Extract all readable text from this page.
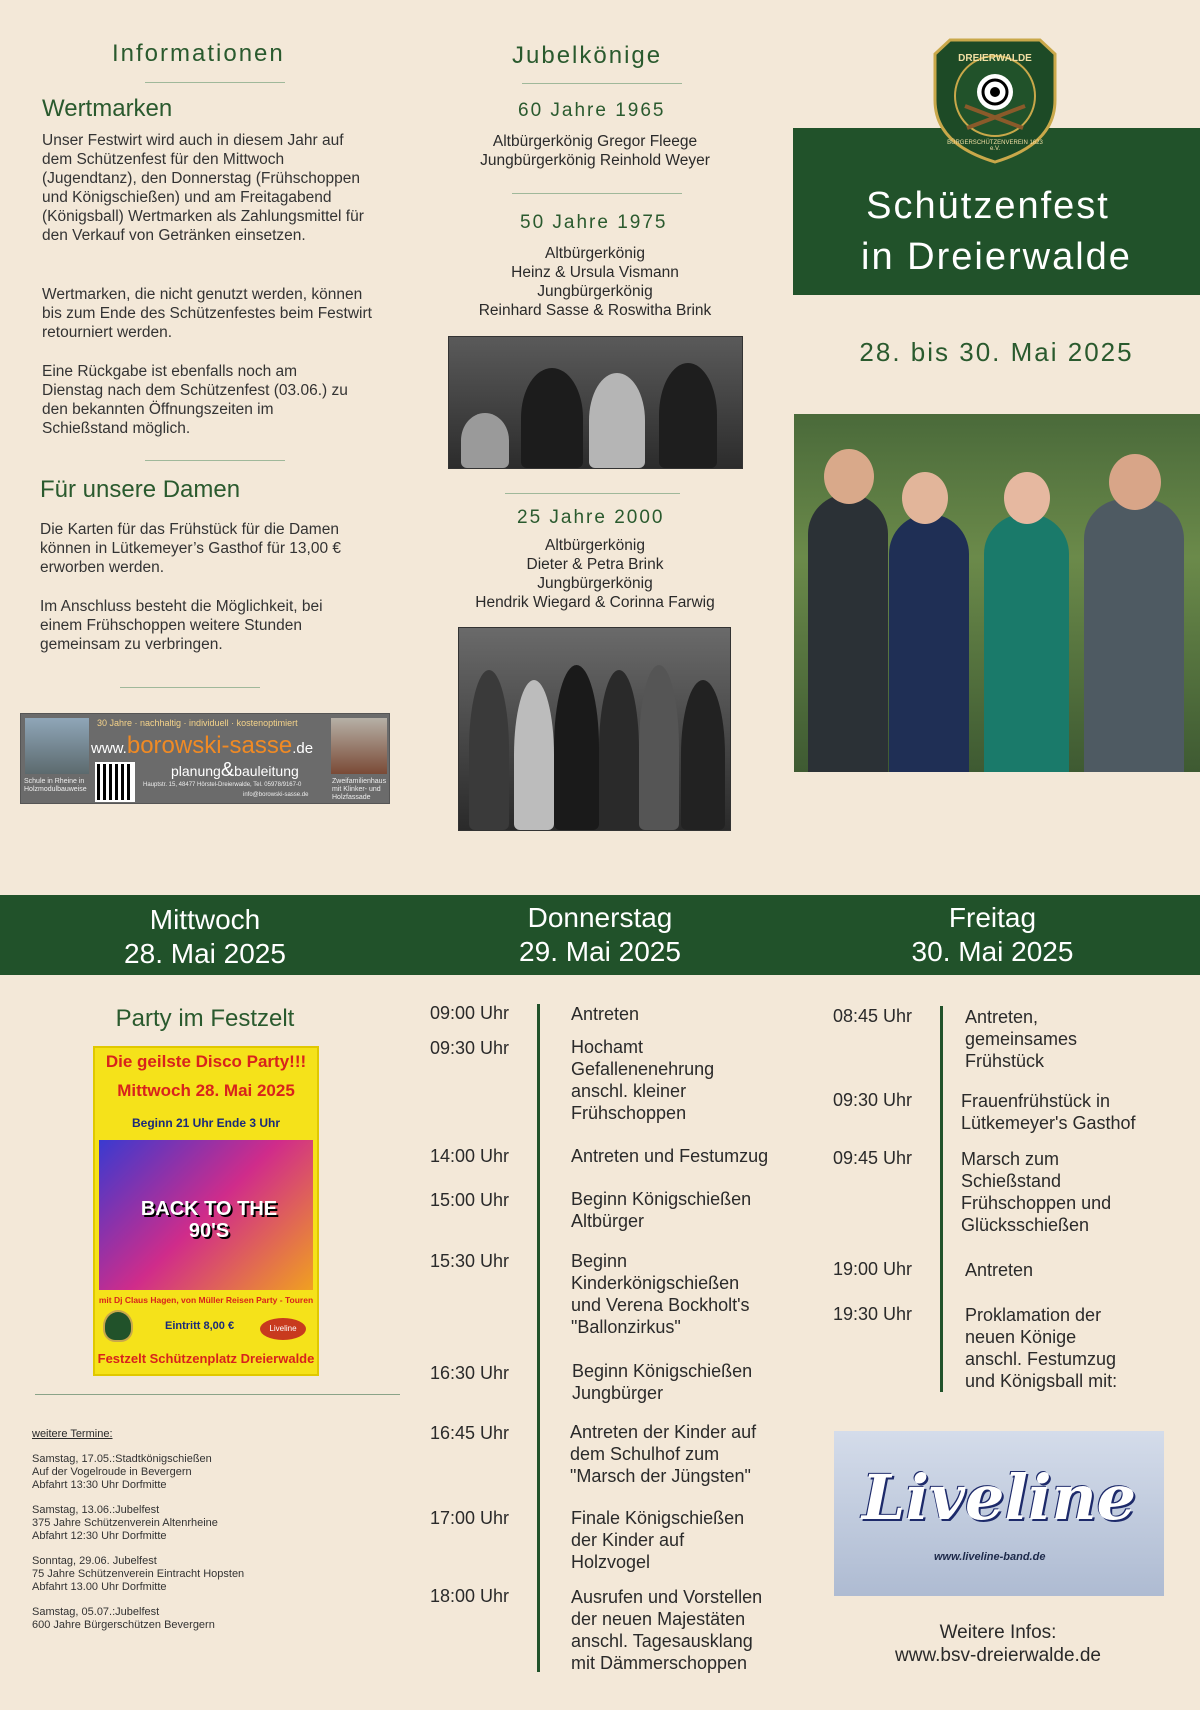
Informationen
Wertmarken
Unser Festwirt wird auch in diesem Jahr auf dem Schützenfest für den Mittwoch (Jugendtanz), den Donnerstag (Frühschoppen und Königschießen) und am Freitagabend (Königsball) Wertmarken als Zahlungsmittel für den Verkauf von Getränken einsetzen.
Wertmarken, die nicht genutzt werden, können bis zum Ende des Schützenfestes beim Festwirt retourniert werden.
Eine Rückgabe ist ebenfalls noch am Dienstag nach dem Schützenfest (03.06.) zu den bekannten Öffnungszeiten im Schießstand möglich.
Für unsere Damen
Die Karten für das Frühstück für die Damen können in Lütkemeyer’s Gasthof für 13,00 € erworben werden.
Im Anschluss besteht die Möglichkeit, bei einem Frühschoppen weitere Stunden gemeinsam zu verbringen.
Schule in Rheine in Holzmodulbauweise
30 Jahre · nachhaltig · individuell · kostenoptimiert
www.borowski-sasse.de
planung&bauleitung
Hauptstr. 15, 48477 Hörstel-Dreierwalde, Tel. 05978/9167-0
info@borowski-sasse.de
Zweifamilienhaus mit Klinker- und Holzfassade
Jubelkönige
60 Jahre 1965
Altbürgerkönig Gregor Fleege
Jungbürgerkönig Reinhold Weyer
50 Jahre 1975
Altbürgerkönig
Heinz & Ursula Vismann
Jungbürgerkönig
Reinhard Sasse & Roswitha Brink
25 Jahre 2000
Altbürgerkönig
Dieter & Petra Brink
Jungbürgerkönig
Hendrik Wiegard & Corinna Farwig
DREIERWALDE
BÜRGERSCHÜTZENVEREIN 1623 e.V.
Schützenfest
in Dreierwalde
28. bis 30. Mai 2025
Mittwoch
28. Mai 2025
Donnerstag
29. Mai 2025
Freitag
30. Mai 2025
Party im Festzelt
Die geilste Disco Party!!!
Mittwoch 28. Mai 2025
Beginn 21 Uhr Ende 3 Uhr
BACK TO THE 90'S
mit Dj Claus Hagen, von Müller Reisen Party - Touren
Eintritt 8,00 €	Liveline
Festzelt Schützenplatz Dreierwalde
weitere Termine:
Samstag, 17.05.:Stadtkönigschießen
Auf der Vogelroude in Bevergern
Abfahrt 13:30 Uhr Dorfmitte
Samstag, 13.06.:Jubelfest
375 Jahre Schützenverein Altenrheine
Abfahrt 12:30 Uhr Dorfmitte
Sonntag, 29.06. Jubelfest
75 Jahre Schützenverein Eintracht Hopsten
Abfahrt 13.00 Uhr Dorfmitte
Samstag, 05.07.:Jubelfest
600 Jahre Bürgerschützen Bevergern
09:00 Uhr	Antreten
09:30 Uhr	Hochamt
Gefallenenehrung
anschl. kleiner
Frühschoppen
14:00 Uhr	Antreten und Festumzug
15:00 Uhr	Beginn Königschießen
Altbürger
15:30 Uhr	Beginn
Kinderkönigschießen
und Verena Bockholt's
"Ballonzirkus"
16:30 Uhr	Beginn Königschießen
Jungbürger
16:45 Uhr	Antreten der Kinder auf
dem Schulhof zum
"Marsch der Jüngsten"
17:00 Uhr	Finale Königschießen
der Kinder auf
Holzvogel
18:00 Uhr	Ausrufen und Vorstellen
der neuen Majestäten
anschl. Tagesausklang
mit Dämmerschoppen
08:45 Uhr	Antreten,
gemeinsames
Frühstück
09:30 Uhr	Frauenfrühstück in
Lütkemeyer's Gasthof
09:45 Uhr	Marsch zum
Schießstand
Frühschoppen und
Glücksschießen
19:00 Uhr	Antreten
19:30 Uhr	Proklamation der
neuen Könige
anschl. Festumzug
und Königsball mit:
Liveline
www.liveline-band.de
Weitere Infos:
www.bsv-dreierwalde.de
